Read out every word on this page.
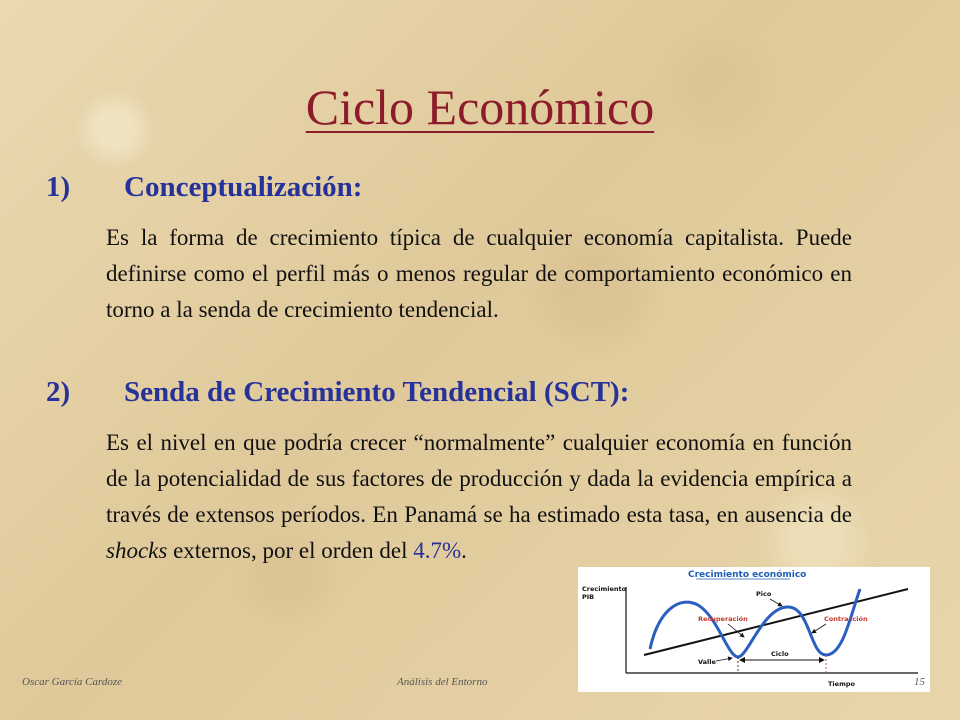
Ciclo Económico
1) Conceptualización:
Es la forma de crecimiento típica de cualquier economía capitalista. Puede definirse como el perfil más o menos regular de comportamiento económico en torno a la senda de crecimiento tendencial.
2) Senda de Crecimiento Tendencial (SCT):
Es el nivel en que podría crecer “normalmente” cualquier economía en función de la potencialidad de sus factores de producción y dada la evidencia empírica a través de extensos períodos. En Panamá se ha estimado esta tasa, en ausencia de shocks externos, por el orden del 4.7%.
Crecimiento económico
Crecimiento
PIB
Tiempo
Ciclo
Recuperación
Pico
Contracción
Valle
Oscar García Cardoze	Análisis del Entorno	15
